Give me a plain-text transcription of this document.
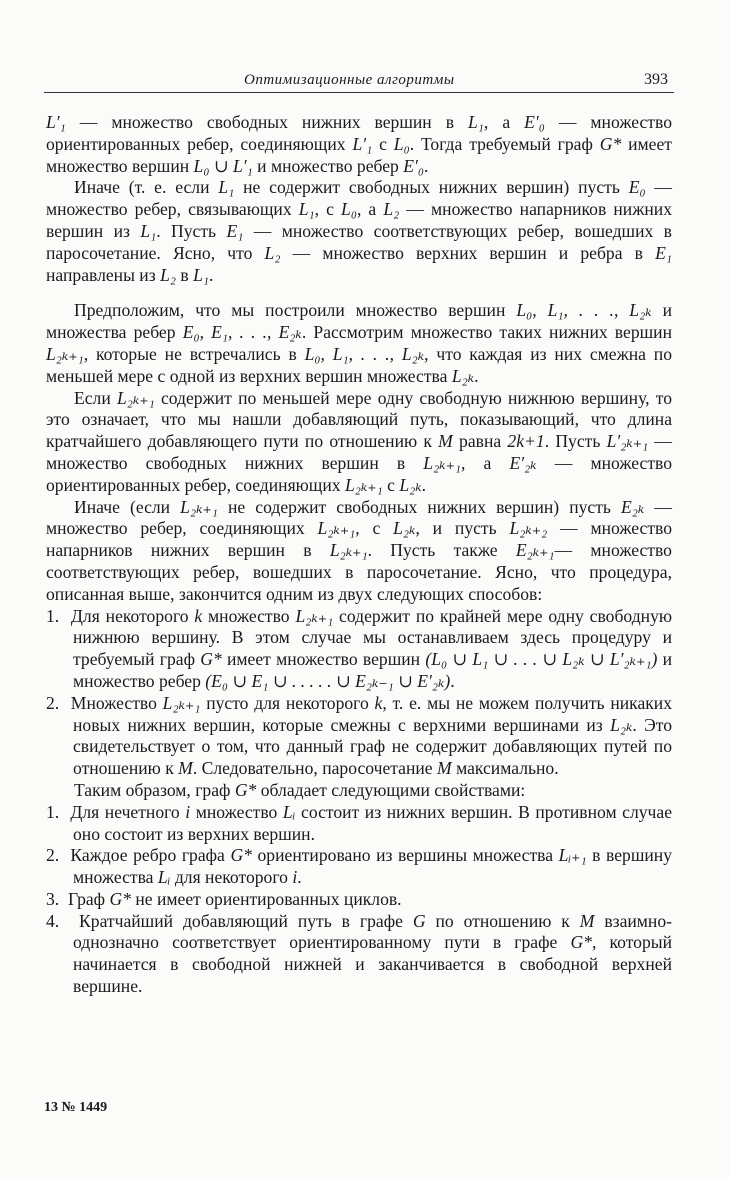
Оптимизационные алгоритмы	393

L′₁ — множество свободных нижних вершин в L₁, а E′₀ — множество ориентированных ребер, соединяющих L′₁ с L₀. Тогда требуемый граф G* имеет множество вершин L₀ ∪ L′₁ и множество ребер E′₀.

Иначе (т. е. если L₁ не содержит свободных нижних вершин) пусть E₀ — множество ребер, связывающих L₁, с L₀, а L₂ — множество напарников нижних вершин из L₁. Пусть E₁ — множество соответствующих ребер, вошедших в паросочетание. Ясно, что L₂ — множество верхних вершин и ребра в E₁ направлены из L₂ в L₁.

Предположим, что мы построили множество вершин L₀, L₁, . . ., L₂ₖ и множества ребер E₀, E₁, . . ., E₂ₖ. Рассмотрим множество таких нижних вершин L₂ₖ₊₁, которые не встречались в L₀, L₁, . . ., L₂ₖ, что каждая из них смежна по меньшей мере с одной из верхних вершин множества L₂ₖ.

Если L₂ₖ₊₁ содержит по меньшей мере одну свободную нижнюю вершину, то это означает, что мы нашли добавляющий путь, показывающий, что длина кратчайшего добавляющего пути по отношению к M равна 2k+1. Пусть L′₂ₖ₊₁ — множество свободных нижних вершин в L₂ₖ₊₁, а E′₂ₖ — множество ориентированных ребер, соединяющих L₂ₖ₊₁ с L₂ₖ.

Иначе (если L₂ₖ₊₁ не содержит свободных нижних вершин) пусть E₂ₖ — множество ребер, соединяющих L₂ₖ₊₁, с L₂ₖ, и пусть L₂ₖ₊₂ — множество напарников нижних вершин в L₂ₖ₊₁. Пусть также E₂ₖ₊₁— множество соответствующих ребер, вошедших в паросочетание. Ясно, что процедура, описанная выше, закончится одним из двух следующих способов:

1. Для некоторого k множество L₂ₖ₊₁ содержит по крайней мере одну свободную нижнюю вершину. В этом случае мы останавливаем здесь процедуру и требуемый граф G* имеет множество вершин (L₀ ∪ L₁ ∪ . . . ∪ L₂ₖ ∪ L′₂ₖ₊₁) и множество ребер (E₀ ∪ E₁ ∪ . . . . . ∪ E₂ₖ₋₁ ∪ E′₂ₖ).

2. Множество L₂ₖ₊₁ пусто для некоторого k, т. е. мы не можем получить никаких новых нижних вершин, которые смежны с верхними вершинами из L₂ₖ. Это свидетельствует о том, что данный граф не содержит добавляющих путей по отношению к M. Следовательно, паросочетание M максимально.

Таким образом, граф G* обладает следующими свойствами:

1. Для нечетного i множество Lᵢ состоит из нижних вершин. В противном случае оно состоит из верхних вершин.

2. Каждое ребро графа G* ориентировано из вершины множества Lᵢ₊₁ в вершину множества Lᵢ для некоторого i.

3. Граф G* не имеет ориентированных циклов.

4. Кратчайший добавляющий путь в графе G по отношению к M взаимно-однозначно соответствует ориентированному пути в графе G*, который начинается в свободной нижней и заканчивается в свободной верхней вершине.

13 № 1449
